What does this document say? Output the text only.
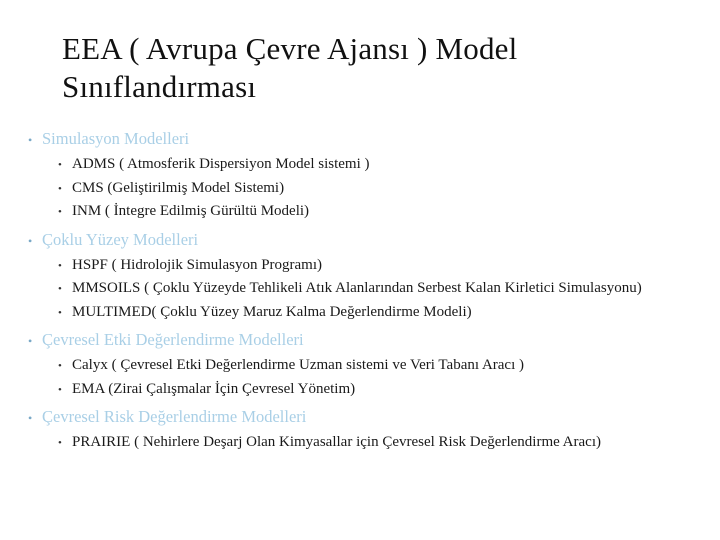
EEA ( Avrupa Çevre Ajansı ) Model Sınıflandırması
• Simulasyon Modelleri
• ADMS ( Atmosferik Dispersiyon Model sistemi )
• CMS (Geliştirilmiş Model Sistemi)
• INM ( İntegre Edilmiş Gürültü Modeli)
• Çoklu Yüzey Modelleri
• HSPF ( Hidrolojik Simulasyon Programı)
• MMSOILS ( Çoklu Yüzeyde Tehlikeli Atık Alanlarından Serbest Kalan Kirletici Simulasyonu)
• MULTIMED( Çoklu Yüzey Maruz Kalma Değerlendirme Modeli)
• Çevresel Etki Değerlendirme Modelleri
• Calyx ( Çevresel Etki Değerlendirme Uzman sistemi ve Veri Tabanı Aracı )
• EMA (Zirai Çalışmalar İçin Çevresel Yönetim)
• Çevresel Risk Değerlendirme Modelleri
• PRAIRIE ( Nehirlere Deşarj Olan Kimyasallar için Çevresel Risk Değerlendirme Aracı)
